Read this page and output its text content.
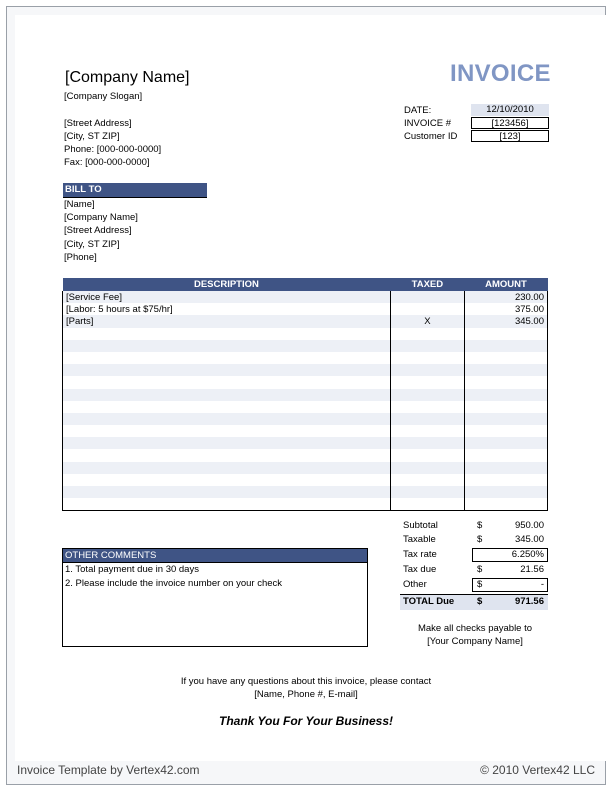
INVOICE
[Company Name]
[Company Slogan]
[Street Address]
[City, ST ZIP]
Phone: [000-000-0000]
Fax: [000-000-0000]
DATE:	12/10/2010
INVOICE #	[123456]
Customer ID	[123]
BILL TO
[Name]
[Company Name]
[Street Address]
[City, ST ZIP]
[Phone]
DESCRIPTION	TAXED	AMOUNT
[Service Fee]		230.00
[Labor: 5 hours at $75/hr]		375.00
[Parts]	X	345.00

Subtotal	$	950.00
Taxable	$	345.00
Tax rate	6.250%
Tax due	$	21.56
Other	$	-
TOTAL Due $	971.56
OTHER COMMENTS
1. Total payment due in 30 days
2. Please include the invoice number on your check
Make all checks payable to
[Your Company Name]
If you have any questions about this invoice, please contact
[Name, Phone #, E-mail]
Thank You For Your Business!
Invoice Template by Vertex42.com	© 2010 Vertex42 LLC
